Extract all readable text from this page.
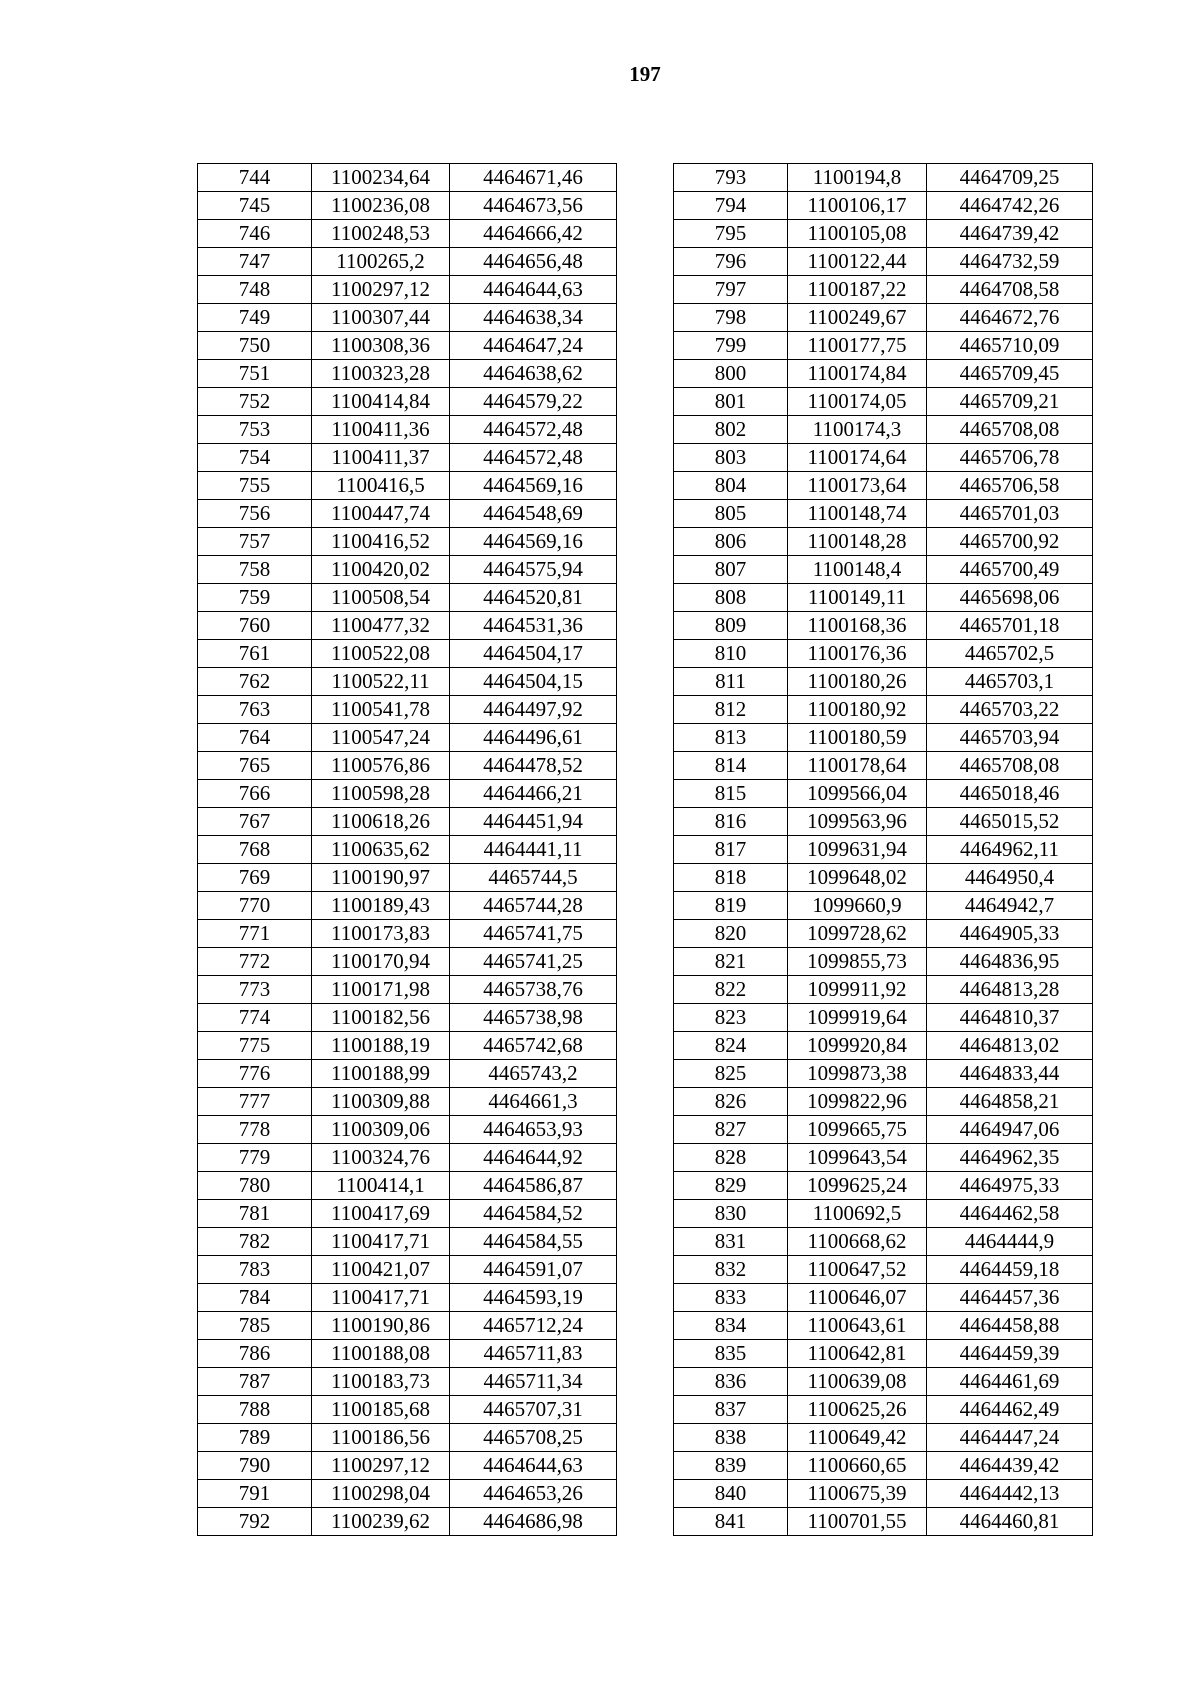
197
744	1100234,64	4464671,46
745	1100236,08	4464673,56
746	1100248,53	4464666,42
747	1100265,2	4464656,48
748	1100297,12	4464644,63
749	1100307,44	4464638,34
750	1100308,36	4464647,24
751	1100323,28	4464638,62
752	1100414,84	4464579,22
753	1100411,36	4464572,48
754	1100411,37	4464572,48
755	1100416,5	4464569,16
756	1100447,74	4464548,69
757	1100416,52	4464569,16
758	1100420,02	4464575,94
759	1100508,54	4464520,81
760	1100477,32	4464531,36
761	1100522,08	4464504,17
762	1100522,11	4464504,15
763	1100541,78	4464497,92
764	1100547,24	4464496,61
765	1100576,86	4464478,52
766	1100598,28	4464466,21
767	1100618,26	4464451,94
768	1100635,62	4464441,11
769	1100190,97	4465744,5
770	1100189,43	4465744,28
771	1100173,83	4465741,75
772	1100170,94	4465741,25
773	1100171,98	4465738,76
774	1100182,56	4465738,98
775	1100188,19	4465742,68
776	1100188,99	4465743,2
777	1100309,88	4464661,3
778	1100309,06	4464653,93
779	1100324,76	4464644,92
780	1100414,1	4464586,87
781	1100417,69	4464584,52
782	1100417,71	4464584,55
783	1100421,07	4464591,07
784	1100417,71	4464593,19
785	1100190,86	4465712,24
786	1100188,08	4465711,83
787	1100183,73	4465711,34
788	1100185,68	4465707,31
789	1100186,56	4465708,25
790	1100297,12	4464644,63
791	1100298,04	4464653,26
792	1100239,62	4464686,98
793	1100194,8	4464709,25
794	1100106,17	4464742,26
795	1100105,08	4464739,42
796	1100122,44	4464732,59
797	1100187,22	4464708,58
798	1100249,67	4464672,76
799	1100177,75	4465710,09
800	1100174,84	4465709,45
801	1100174,05	4465709,21
802	1100174,3	4465708,08
803	1100174,64	4465706,78
804	1100173,64	4465706,58
805	1100148,74	4465701,03
806	1100148,28	4465700,92
807	1100148,4	4465700,49
808	1100149,11	4465698,06
809	1100168,36	4465701,18
810	1100176,36	4465702,5
811	1100180,26	4465703,1
812	1100180,92	4465703,22
813	1100180,59	4465703,94
814	1100178,64	4465708,08
815	1099566,04	4465018,46
816	1099563,96	4465015,52
817	1099631,94	4464962,11
818	1099648,02	4464950,4
819	1099660,9	4464942,7
820	1099728,62	4464905,33
821	1099855,73	4464836,95
822	1099911,92	4464813,28
823	1099919,64	4464810,37
824	1099920,84	4464813,02
825	1099873,38	4464833,44
826	1099822,96	4464858,21
827	1099665,75	4464947,06
828	1099643,54	4464962,35
829	1099625,24	4464975,33
830	1100692,5	4464462,58
831	1100668,62	4464444,9
832	1100647,52	4464459,18
833	1100646,07	4464457,36
834	1100643,61	4464458,88
835	1100642,81	4464459,39
836	1100639,08	4464461,69
837	1100625,26	4464462,49
838	1100649,42	4464447,24
839	1100660,65	4464439,42
840	1100675,39	4464442,13
841	1100701,55	4464460,81
